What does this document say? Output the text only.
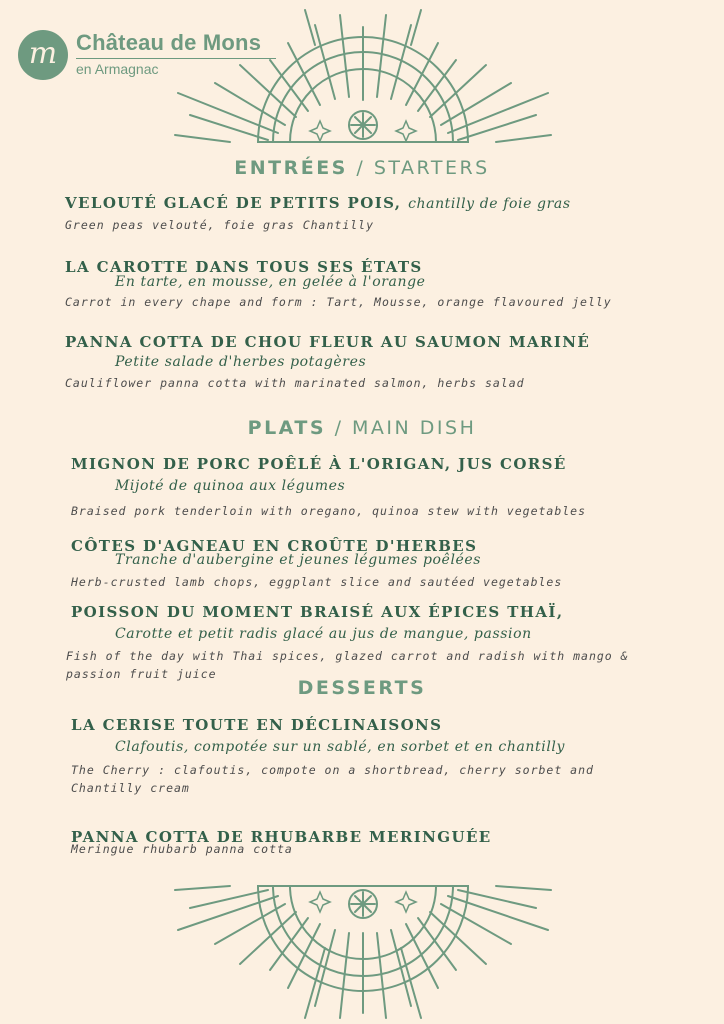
m Château de Mons
en Armagnac
ENTRÉES / STARTERS
VELOUTÉ GLACÉ DE PETITS POIS, chantilly de foie gras
Green peas velouté, foie gras Chantilly
LA CAROTTE DANS TOUS SES ÉTATS
En tarte, en mousse, en gelée à l'orange
Carrot in every chape and form : Tart, Mousse, orange flavoured jelly
PANNA COTTA DE CHOU FLEUR AU SAUMON MARINÉ
Petite salade d'herbes potagères
Cauliflower panna cotta with marinated salmon, herbs salad
PLATS / MAIN DISH
MIGNON DE PORC POÊLÉ À L'ORIGAN, JUS CORSÉ
Mijoté de quinoa aux légumes
Braised pork tenderloin with oregano, quinoa stew with vegetables
CÔTES D'AGNEAU EN CROÛTE D'HERBES
Tranche d'aubergine et jeunes légumes poêlées
Herb-crusted lamb chops, eggplant slice and sautéed vegetables
POISSON DU MOMENT BRAISÉ AUX ÉPICES THAÏ,
Carotte et petit radis glacé au jus de mangue, passion
Fish of the day with Thai spices, glazed carrot and radish with mango & passion fruit juice
DESSERTS
LA CERISE TOUTE EN DÉCLINAISONS
Clafoutis, compotée sur un sablé, en sorbet et en chantilly
The Cherry : clafoutis, compote on a shortbread, cherry sorbet and Chantilly cream
PANNA COTTA DE RHUBARBE MERINGUÉE
Meringue rhubarb panna cotta
